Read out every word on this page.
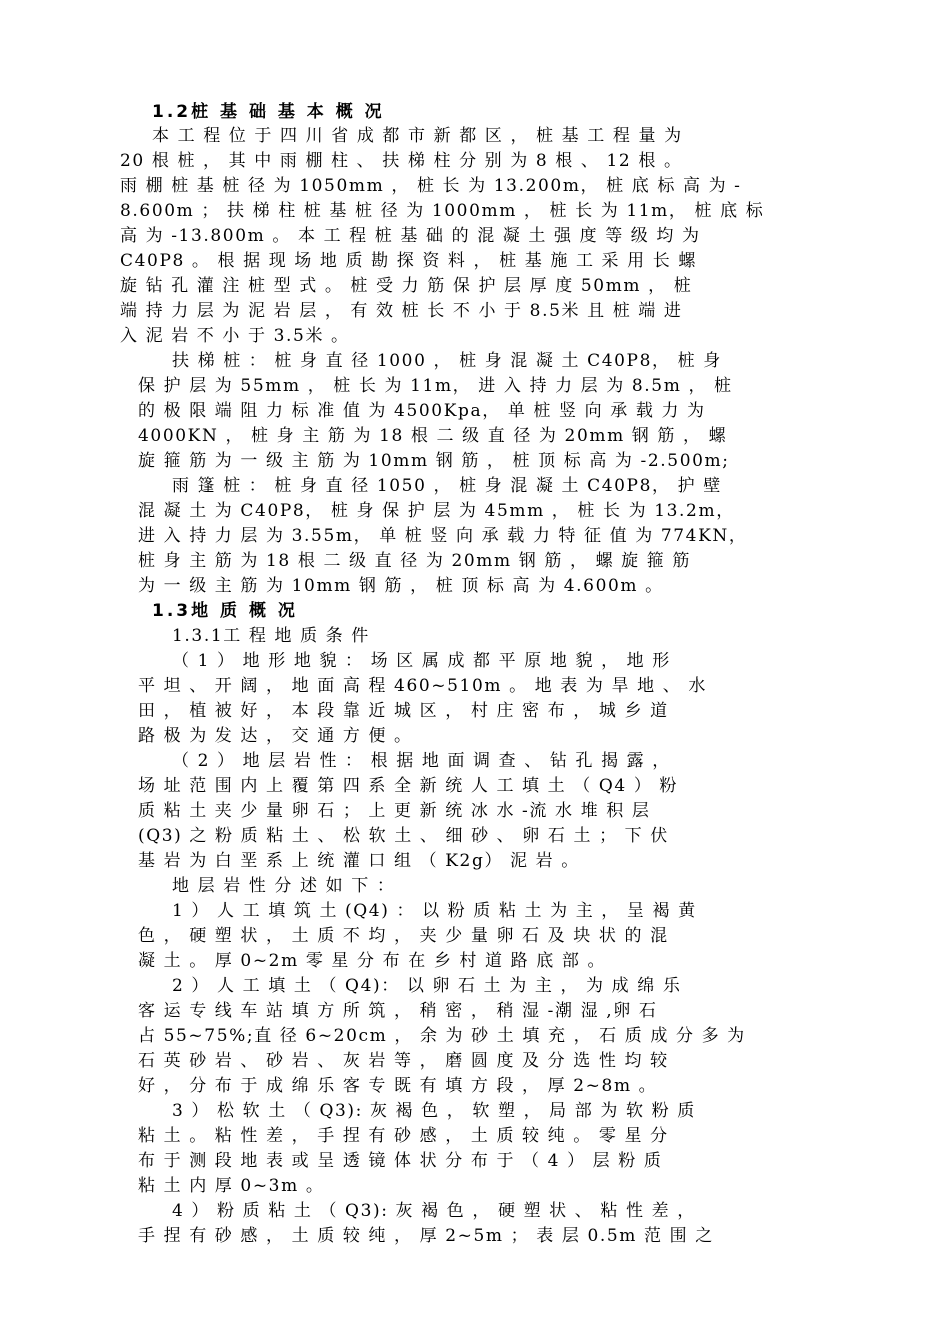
1.2桩 基 础 基 本 概 况
本 工 程 位 于 四 川 省 成 都 市 新 都 区 ， 桩 基 工 程 量 为
20 根 桩 ， 其 中 雨 棚 柱 、 扶 梯 柱 分 别 为 8 根 、 12 根 。
雨 棚 桩 基 桩 径 为 1050mm ， 桩 长 为 13.200m， 桩 底 标 高 为 -
8.600m ； 扶 梯 柱 桩 基 桩 径 为 1000mm ， 桩 长 为 11m， 桩 底 标
高 为 -13.800m 。 本 工 程 桩 基 础 的 混 凝 土 强 度 等 级 均 为
C40P8 。 根 据 现 场 地 质 勘 探 资 料 ， 桩 基 施 工 采 用 长 螺
旋 钻 孔 灌 注 桩 型 式 。 桩 受 力 筋 保 护 层 厚 度 50mm ， 桩
端 持 力 层 为 泥 岩 层 ， 有 效 桩 长 不 小 于 8.5米 且 桩 端 进
入 泥 岩 不 小 于 3.5米 。
扶 梯 桩 ： 桩 身 直 径 1000 ， 桩 身 混 凝 土 C40P8， 桩 身
保 护 层 为 55mm ， 桩 长 为 11m， 进 入 持 力 层 为 8.5m ， 桩
的 极 限 端 阻 力 标 准 值 为 4500Kpa， 单 桩 竖 向 承 载 力 为
4000KN ， 桩 身 主 筋 为 18 根 二 级 直 径 为 20mm 钢 筋 ， 螺
旋 箍 筋 为 一 级 主 筋 为 10mm 钢 筋 ， 桩 顶 标 高 为 -2.500m;
雨 篷 桩 ： 桩 身 直 径 1050 ， 桩 身 混 凝 土 C40P8， 护 壁
混 凝 土 为 C40P8， 桩 身 保 护 层 为 45mm ， 桩 长 为 13.2m，
进 入 持 力 层 为 3.55m， 单 桩 竖 向 承 载 力 特 征 值 为 774KN，
桩 身 主 筋 为 18 根 二 级 直 径 为 20mm 钢 筋 ， 螺 旋 箍 筋
为 一 级 主 筋 为 10mm 钢 筋 ， 桩 顶 标 高 为 4.600m 。
1.3地 质 概 况
1.3.1工 程 地 质 条 件
（ 1 ） 地 形 地 貌 ： 场 区 属 成 都 平 原 地 貌 ， 地 形
平 坦 、 开 阔 ， 地 面 高 程 460~510m 。 地 表 为 旱 地 、 水
田 ， 植 被 好 ， 本 段 靠 近 城 区 ， 村 庄 密 布 ， 城 乡 道
路 极 为 发 达 ， 交 通 方 便 。
（ 2 ） 地 层 岩 性 ： 根 据 地 面 调 查 、 钻 孔 揭 露 ，
场 址 范 围 内 上 覆 第 四 系 全 新 统 人 工 填 土 （ Q4 ） 粉
质 粘 土 夹 少 量 卵 石 ； 上 更 新 统 冰 水 -流 水 堆 积 层
(Q3) 之 粉 质 粘 土 、 松 软 土 、 细 砂 、 卵 石 土 ； 下 伏
基 岩 为 白 垩 系 上 统 灌 口 组 （ K2g） 泥 岩 。
地 层 岩 性 分 述 如 下 ：
1 ） 人 工 填 筑 土 (Q4) ： 以 粉 质 粘 土 为 主 ， 呈 褐 黄
色 ， 硬 塑 状 ， 土 质 不 均 ， 夹 少 量 卵 石 及 块 状 的 混
凝 土 。 厚 0~2m 零 星 分 布 在 乡 村 道 路 底 部 。
2 ） 人 工 填 土 （ Q4)： 以 卵 石 土 为 主 ， 为 成 绵 乐
客 运 专 线 车 站 填 方 所 筑 ， 稍 密 ， 稍 湿 -潮 湿 ,卵 石
占 55~75%;直 径 6~20cm ， 余 为 砂 土 填 充 ， 石 质 成 分 多 为
石 英 砂 岩 、 砂 岩 、 灰 岩 等 ， 磨 圆 度 及 分 选 性 均 较
好 ， 分 布 于 成 绵 乐 客 专 既 有 填 方 段 ， 厚 2~8m 。
3 ） 松 软 土 （ Q3): 灰 褐 色 ， 软 塑 ， 局 部 为 软 粉 质
粘 土 。 粘 性 差 ， 手 捏 有 砂 感 ， 土 质 较 纯 。 零 星 分
布 于 测 段 地 表 或 呈 透 镜 体 状 分 布 于 （ 4 ） 层 粉 质
粘 土 内 厚 0~3m 。
4 ） 粉 质 粘 土 （ Q3): 灰 褐 色 ， 硬 塑 状 、 粘 性 差 ，
手 捏 有 砂 感 ， 土 质 较 纯 ， 厚 2~5m ； 表 层 0.5m 范 围 之
